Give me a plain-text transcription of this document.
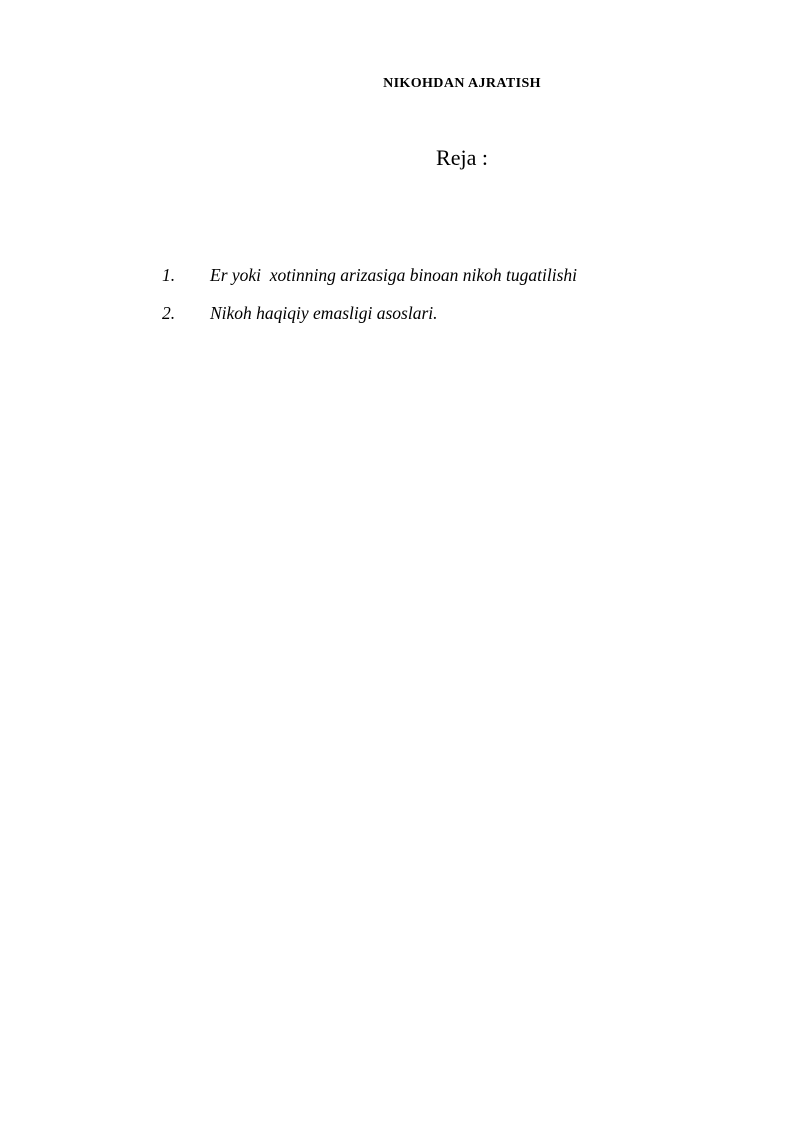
NIKOHDAN AJRATISH
Reja :
1.	Er yoki  xotinning arizasiga binoan nikoh tugatilishi
2.	Nikoh haqiqiy emasligi asoslari.
